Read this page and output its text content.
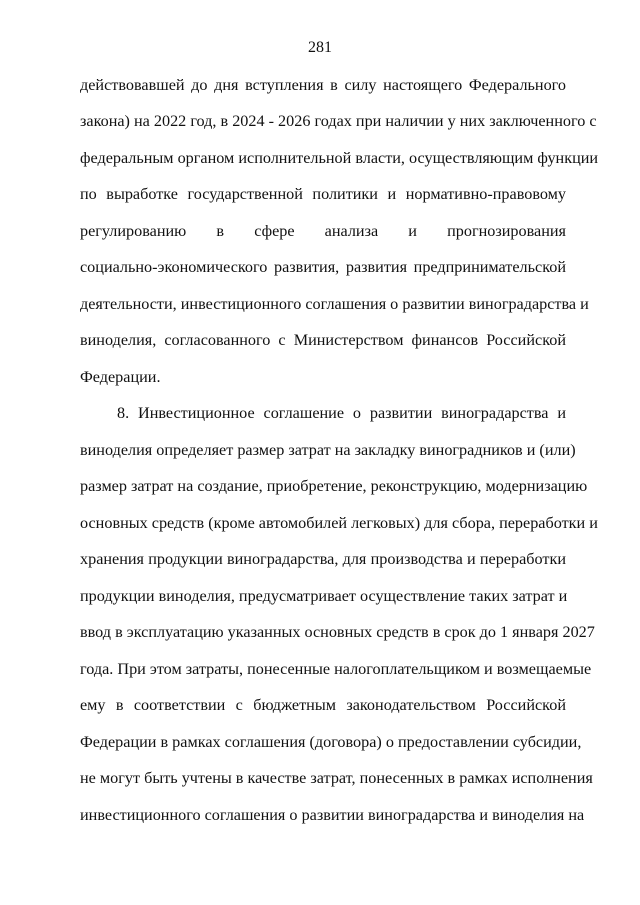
281
действовавшей до дня вступления в силу настоящего Федерального
закона) на 2022 год, в 2024 - 2026 годах при наличии у них заключенного с
федеральным органом исполнительной власти, осуществляющим функции
по выработке государственной политики и нормативно-правовому
регулированию в сфере анализа и прогнозирования
социально-экономического развития, развития предпринимательской
деятельности, инвестиционного соглашения о развитии виноградарства и
виноделия, согласованного с Министерством финансов Российской
Федерации.
8. Инвестиционное соглашение о развитии виноградарства и
виноделия определяет размер затрат на закладку виноградников и (или)
размер затрат на создание, приобретение, реконструкцию, модернизацию
основных средств (кроме автомобилей легковых) для сбора, переработки и
хранения продукции виноградарства, для производства и переработки
продукции виноделия, предусматривает осуществление таких затрат и
ввод в эксплуатацию указанных основных средств в срок до 1 января 2027
года. При этом затраты, понесенные налогоплательщиком и возмещаемые
ему в соответствии с бюджетным законодательством Российской
Федерации в рамках соглашения (договора) о предоставлении субсидии,
не могут быть учтены в качестве затрат, понесенных в рамках исполнения
инвестиционного соглашения о развитии виноградарства и виноделия на
